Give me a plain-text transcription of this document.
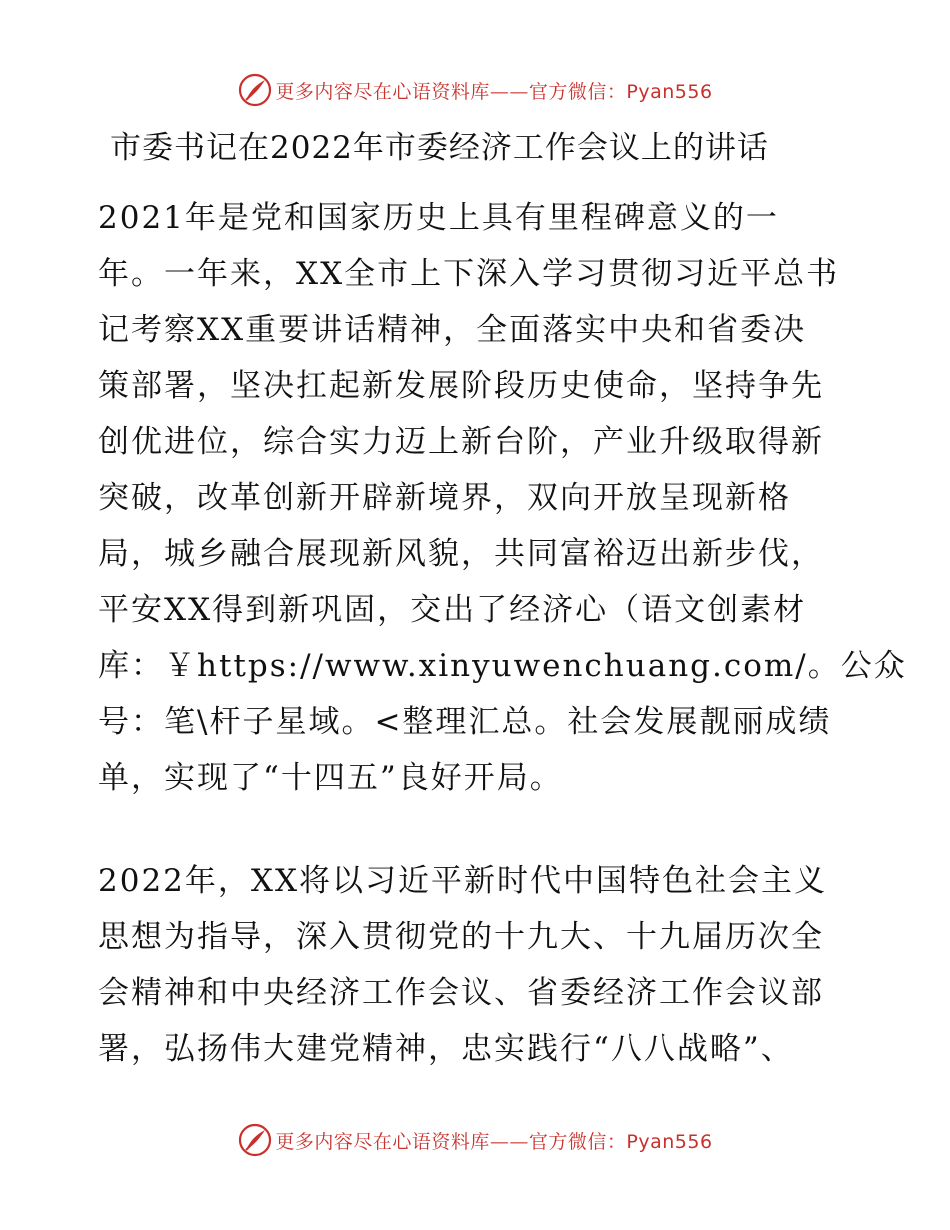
更多内容尽在心语资料库——官方微信：Pyan556
市委书记在2022年市委经济工作会议上的讲话
2021年是党和国家历史上具有里程碑意义的一
年。一年来，XX全市上下深入学习贯彻习近平总书
记考察XX重要讲话精神，全面落实中央和省委决
策部署，坚决扛起新发展阶段历史使命，坚持争先
创优进位，综合实力迈上新台阶，产业升级取得新
突破，改革创新开辟新境界，双向开放呈现新格
局，城乡融合展现新风貌，共同富裕迈出新步伐，
平安XX得到新巩固，交出了经济心（语文创素材
库：￥https://www.xinyuwenchuang.com/。公众
号：笔\杆子星域。<整理汇总。社会发展靓丽成绩
单，实现了“十四五”良好开局。
2022年，XX将以习近平新时代中国特色社会主义
思想为指导，深入贯彻党的十九大、十九届历次全
会精神和中央经济工作会议、省委经济工作会议部
署，弘扬伟大建党精神，忠实践行“八八战略”、
更多内容尽在心语资料库——官方微信：Pyan556
